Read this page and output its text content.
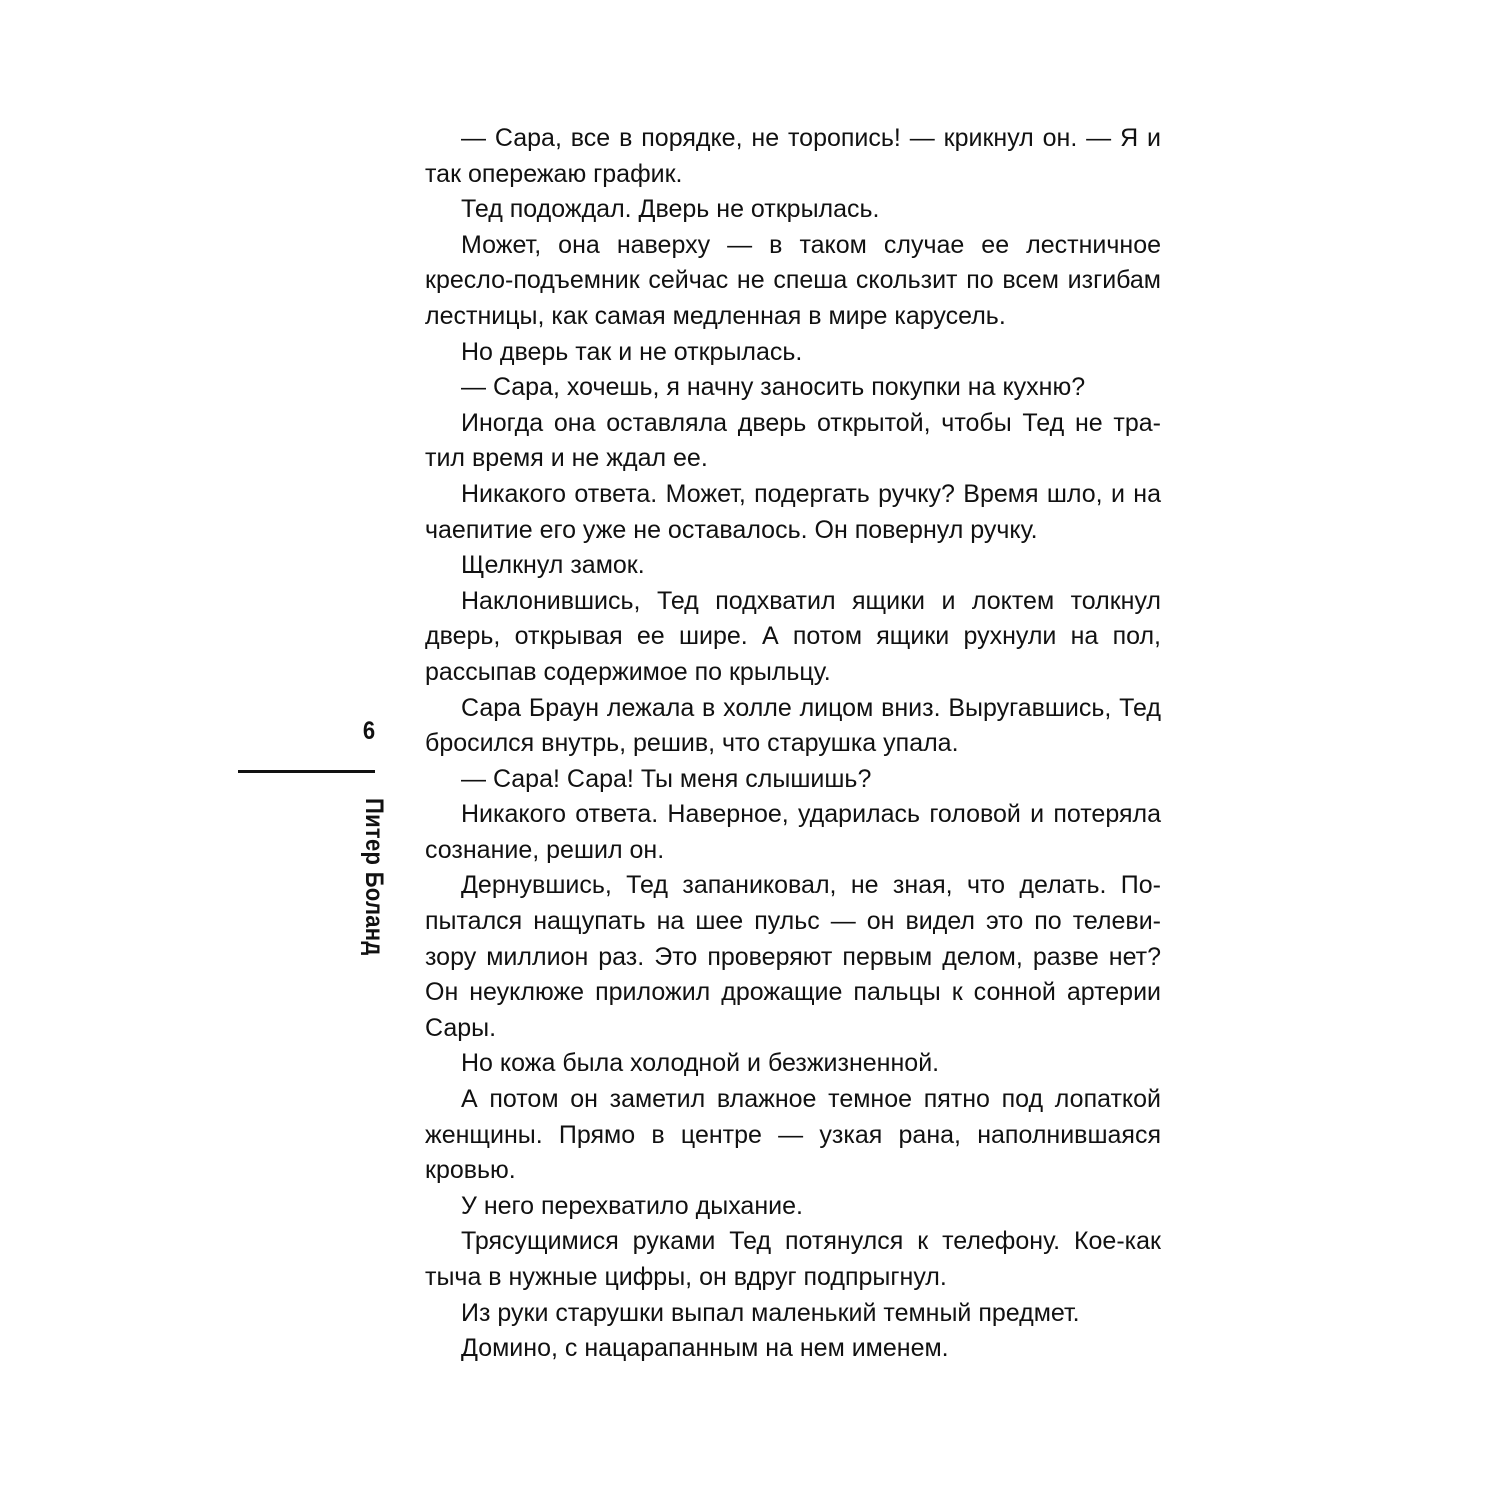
6
Питер Боланд

— Сара, все в порядке, не торопись! — крикнул он. — Я и так опережаю график.

Тед подождал. Дверь не открылась.

Может, она наверху — в таком случае ее лестничное кресло-подъемник сейчас не спеша скользит по всем изгибам лестницы, как самая медленная в мире карусель.

Но дверь так и не открылась.

— Сара, хочешь, я начну заносить покупки на кухню?

Иногда она оставляла дверь открытой, чтобы Тед не тратил время и не ждал ее.

Никакого ответа. Может, подергать ручку? Время шло, и на чаепитие его уже не оставалось. Он повернул ручку.

Щелкнул замок.

Наклонившись, Тед подхватил ящики и локтем толкнул дверь, открывая ее шире. А потом ящики рухнули на пол, рассыпав содержимое по крыльцу.

Сара Браун лежала в холле лицом вниз. Выругавшись, Тед бросился внутрь, решив, что старушка упала.

— Сара! Сара! Ты меня слышишь?

Никакого ответа. Наверное, ударилась головой и потеряла сознание, решил он.

Дернувшись, Тед запаниковал, не зная, что делать. Попытался нащупать на шее пульс — он видел это по телевизору миллион раз. Это проверяют первым делом, разве нет? Он неуклюже приложил дрожащие пальцы к сонной артерии Сары.

Но кожа была холодной и безжизненной.

А потом он заметил влажное темное пятно под лопаткой женщины. Прямо в центре — узкая рана, наполнившаяся кровью.

У него перехватило дыхание.

Трясущимися руками Тед потянулся к телефону. Кое-как тыча в нужные цифры, он вдруг подпрыгнул.

Из руки старушки выпал маленький темный предмет.

Домино, с нацарапанным на нем именем.
